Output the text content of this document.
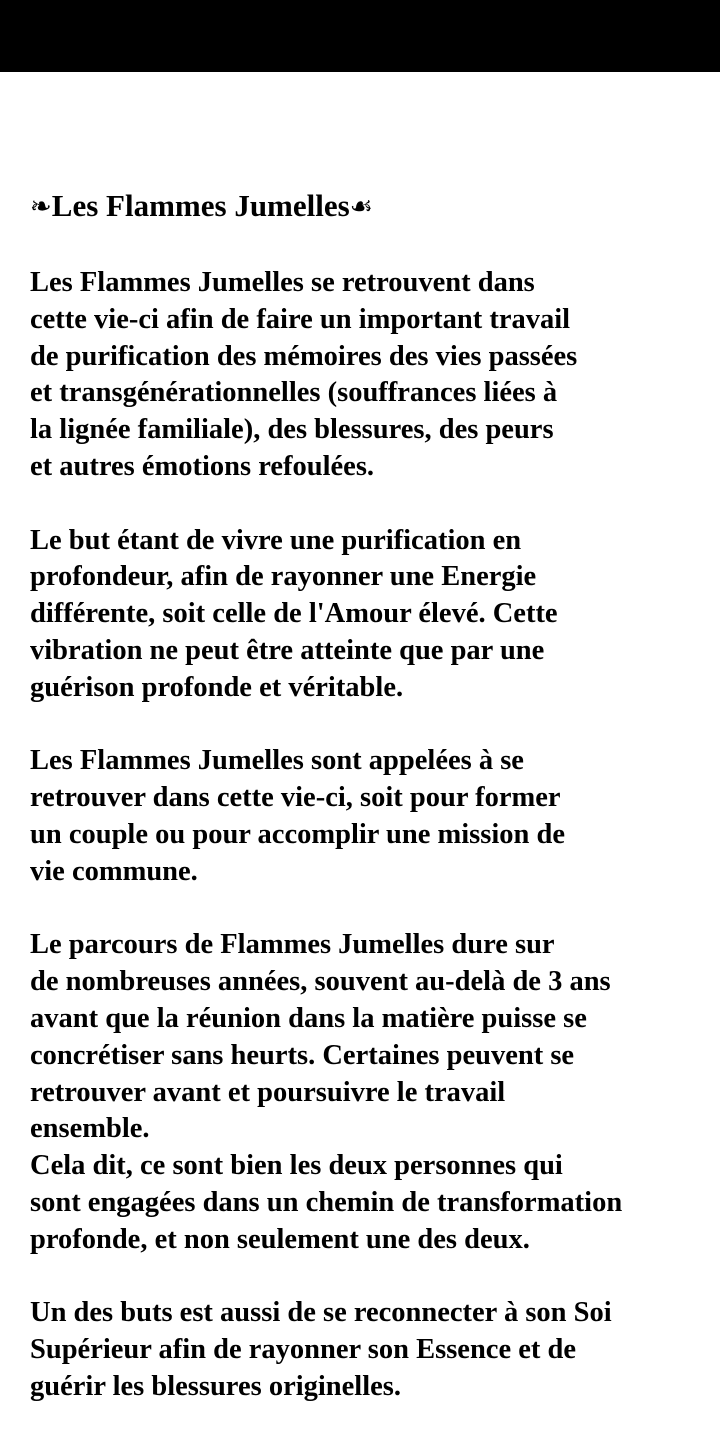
❧Les Flammes Jumelles☙

Les Flammes Jumelles se retrouvent dans
cette vie-ci afin de faire un important travail
de purification des mémoires des vies passées
et transgénérationnelles (souffrances liées à
la lignée familiale), des blessures, des peurs
et autres émotions refoulées.

Le but étant de vivre une purification en
profondeur, afin de rayonner une Energie
différente, soit celle de l'Amour élevé. Cette
vibration ne peut être atteinte que par une
guérison profonde et véritable.

Les Flammes Jumelles sont appelées à se
retrouver dans cette vie-ci, soit pour former
un couple ou pour accomplir une mission de
vie commune.

Le parcours de Flammes Jumelles dure sur
de nombreuses années, souvent au-delà de 3 ans
avant que la réunion dans la matière puisse se
concrétiser sans heurts. Certaines peuvent se
retrouver avant et poursuivre le travail
ensemble.
Cela dit, ce sont bien les deux personnes qui
sont engagées dans un chemin de transformation
profonde, et non seulement une des deux.

Un des buts est aussi de se reconnecter à son Soi
Supérieur afin de rayonner son Essence et de
guérir les blessures originelles.
